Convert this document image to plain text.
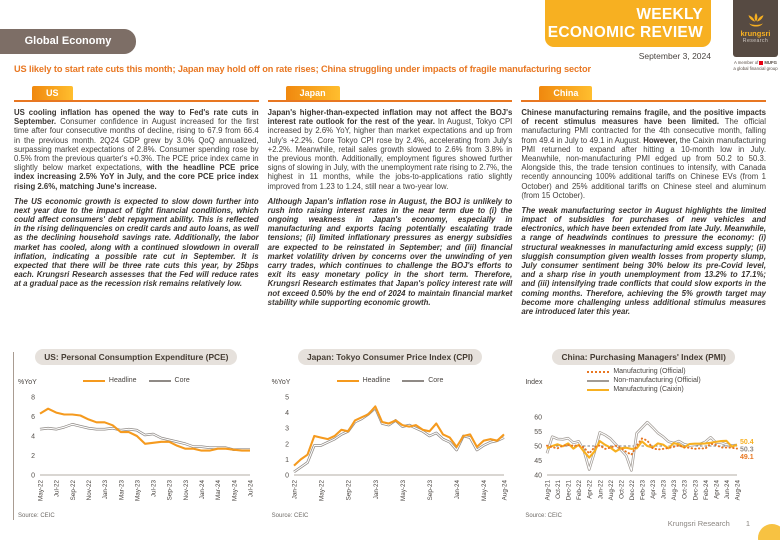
Global Economy
WEEKLY
ECONOMIC REVIEW
September 3, 2024
krungsri
Research
A member of MUFG
a global financial group
US likely to start rate cuts this month; Japan may hold off on rate rises; China struggling under impacts of fragile manufacturing sector
US

US cooling inflation has opened the way to Fed's rate cuts in September. Consumer confidence in August increased for the first time after four consecutive months of decline, rising to 67.9 from 66.4 in the previous month. 2Q24 GDP grew by 3.0% QoQ annualized, surpassing market expectations of 2.8%. Consumer spending rose by 0.5% from the previous quarter's +0.3%. The PCE price index came in slightly below market expectations, with the headline PCE price index increasing 2.5% YoY in July, and the core PCE price index rising 2.6%, matching June's increase.

The US economic growth is expected to slow down further into next year due to the impact of tight financial conditions, which could affect consumers' debt repayment ability. This is reflected in the rising delinquencies on credit cards and auto loans, as well as the declining household savings rate. Additionally, the labor market has cooled, along with a continued slowdown in overall inflation, indicating a possible rate cut in September. It is expected that there will be three rate cuts this year, by 25bps each. Krungsri Research assesses that the Fed will reduce rates at a gradual pace as the recession risk remains relatively low.

Japan

Japan's higher-than-expected inflation may not affect the BOJ's interest rate outlook for the rest of the year. In August, Tokyo CPI increased by 2.6% YoY, higher than market expectations and up from July's +2.2%. Core Tokyo CPI rose by 2.4%, accelerating from July's +2.2%. Meanwhile, retail sales growth slowed to 2.6% from 3.8% in the previous month. Additionally, employment figures showed further signs of slowing in July, with the unemployment rate rising to 2.7%, the highest in 11 months, while the jobs-to-applications ratio slightly improved from 1.23 to 1.24, still near a two-year low.

Although Japan's inflation rose in August, the BOJ is unlikely to rush into raising interest rates in the near term due to (i) the ongoing weakness in Japan's economy, especially in manufacturing and exports facing potentially escalating trade tensions; (ii) limited inflationary pressures as energy subsidies are expected to be reinstated in September; and (iii) financial market volatility driven by concerns over the unwinding of yen carry trades, which continues to challenge the BOJ's efforts to exit its easy monetary policy in the short term. Therefore, Krungsri Research estimates that Japan's policy interest rate will not exceed 0.50% by the end of 2024 to maintain financial market stability while supporting economic growth.

China

Chinese manufacturing remains fragile, and the positive impacts of recent stimulus measures have been limited. The official manufacturing PMI contracted for the 4th consecutive month, falling from 49.4 in July to 49.1 in August. However, the Caixin manufacturing PMI returned to expand after hitting a 10-month low in July. Meanwhile, non-manufacturing PMI edged up from 50.2 to 50.3. Alongside this, the trade tension continues to intensify, with Canada recently announcing 100% additional tariffs on Chinese EVs (from 1 October) and 25% additional tariffs on Chinese steel and aluminum (from 15 October).

The weak manufacturing sector in August highlights the limited impact of subsidies for purchases of new vehicles and electronics, which have been extended from late July. Meanwhile, a range of headwinds continues to pressure the economy: (i) structural weaknesses in manufacturing amid excess supply; (ii) sluggish consumption given wealth losses from property slump, July consumer sentiment being 30% below its pre-Covid level, and a sharp rise in youth unemployment from 13.2% to 17.1%; and (iii) intensifying trade conflicts that could slow exports in the coming months. Therefore, achieving the 5% growth target may become more challenging unless additional stimulus measures are introduced later this year.

US: Personal Consumption Expenditure (PCE)
%YoY	Headline	Core
0
2
4
6
8
May-22 Jul-22 Sep-22 Nov-22 Jan-23 Mar-23 May-23 Jul-23 Sep-23 Nov-23 Jan-24 Mar-24 May-24 Jul-24
Source: CEIC
Japan: Tokyo Consumer Price Index (CPI)
%YoY	Headline	Core
0
1
2
3
4
5
Jan-22	May-22	Sep-22	Jan-23	May-23	Sep-23	Jan-24	May-24 Aug-24
Source: CEIC
China: Purchasing Managers' Index (PMI)
Index
Manufacturing (Official)
Non-manufacturing (Official)
Manufacturing (Caixin)
40
45
50
55
60
Aug-21 Oct-21 Dec-21 Feb-22 Apr-22 Jun-22 Aug-22 Oct-22 Dec-22 Feb-23 Apr-23 Jun-23 Aug-23 Oct-23 Dec-23 Feb-24 Apr-24 Jun-24 Aug-24
50.4
50.3
49.1
Source: CEIC
Krungsri Research 1
